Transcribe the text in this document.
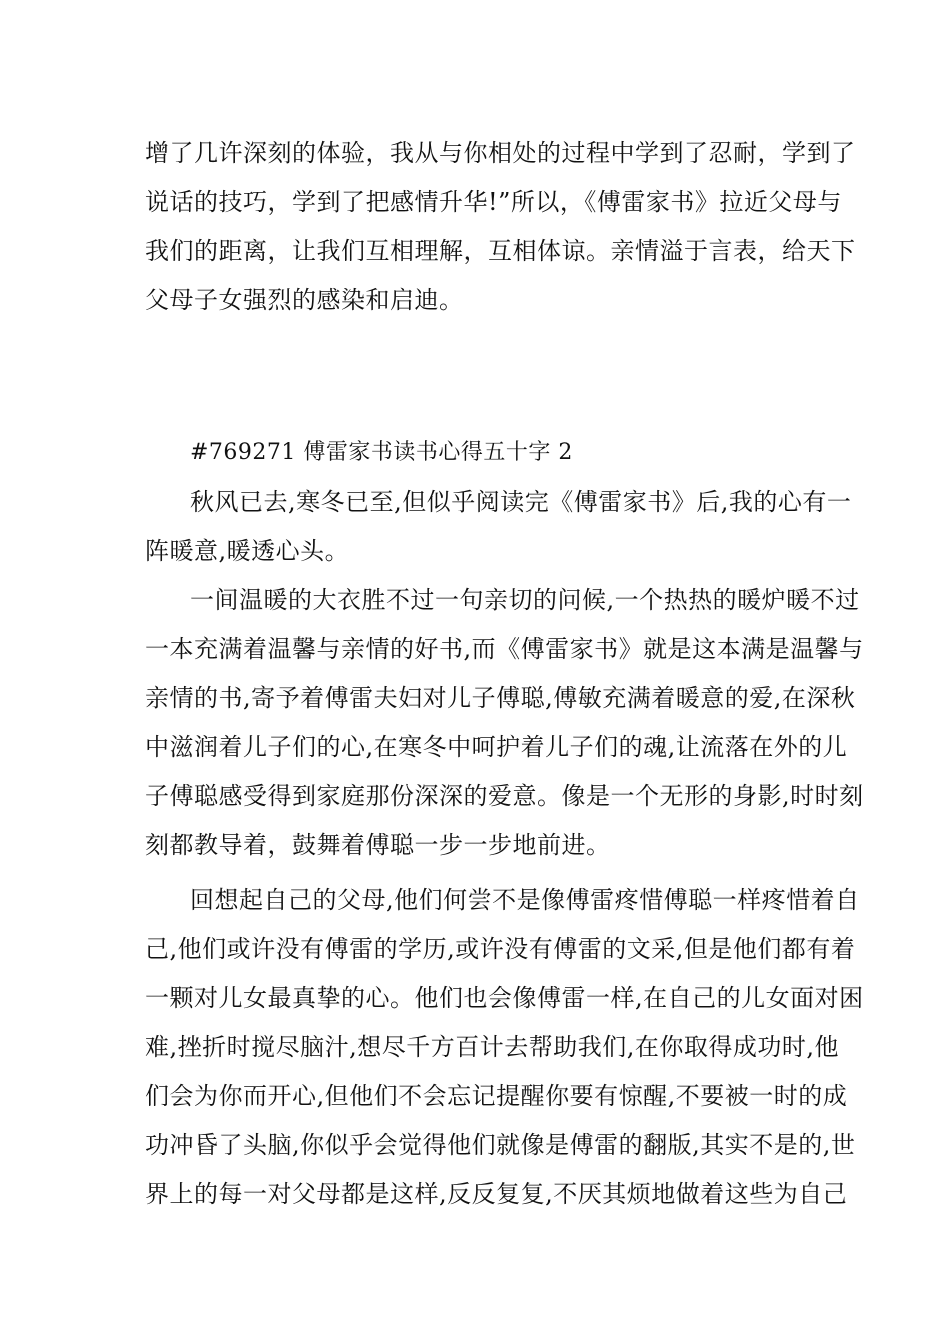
增了几许深刻的体验，我从与你相处的过程中学到了忍耐，学到了
说话的技巧，学到了把感情升华!”所以，《傅雷家书》拉近父母与
我们的距离，让我们互相理解，互相体谅。亲情溢于言表，给天下
父母子女强烈的感染和启迪。
#769271 傅雷家书读书心得五十字 2
秋风已去,寒冬已至,但似乎阅读完《傅雷家书》后,我的心有一
阵暖意,暖透心头。
一间温暖的大衣胜不过一句亲切的问候,一个热热的暖炉暖不过
一本充满着温馨与亲情的好书,而《傅雷家书》就是这本满是温馨与
亲情的书,寄予着傅雷夫妇对儿子傅聪,傅敏充满着暖意的爱,在深秋
中滋润着儿子们的心,在寒冬中呵护着儿子们的魂,让流落在外的儿
子傅聪感受得到家庭那份深深的爱意。像是一个无形的身影,时时刻
刻都教导着，鼓舞着傅聪一步一步地前进。
回想起自己的父母,他们何尝不是像傅雷疼惜傅聪一样疼惜着自
己,他们或许没有傅雷的学历,或许没有傅雷的文采,但是他们都有着
一颗对儿女最真挚的心。他们也会像傅雷一样,在自己的儿女面对困
难,挫折时搅尽脑汁,想尽千方百计去帮助我们,在你取得成功时,他
们会为你而开心,但他们不会忘记提醒你要有惊醒,不要被一时的成
功冲昏了头脑,你似乎会觉得他们就像是傅雷的翻版,其实不是的,世
界上的每一对父母都是这样,反反复复,不厌其烦地做着这些为自己
